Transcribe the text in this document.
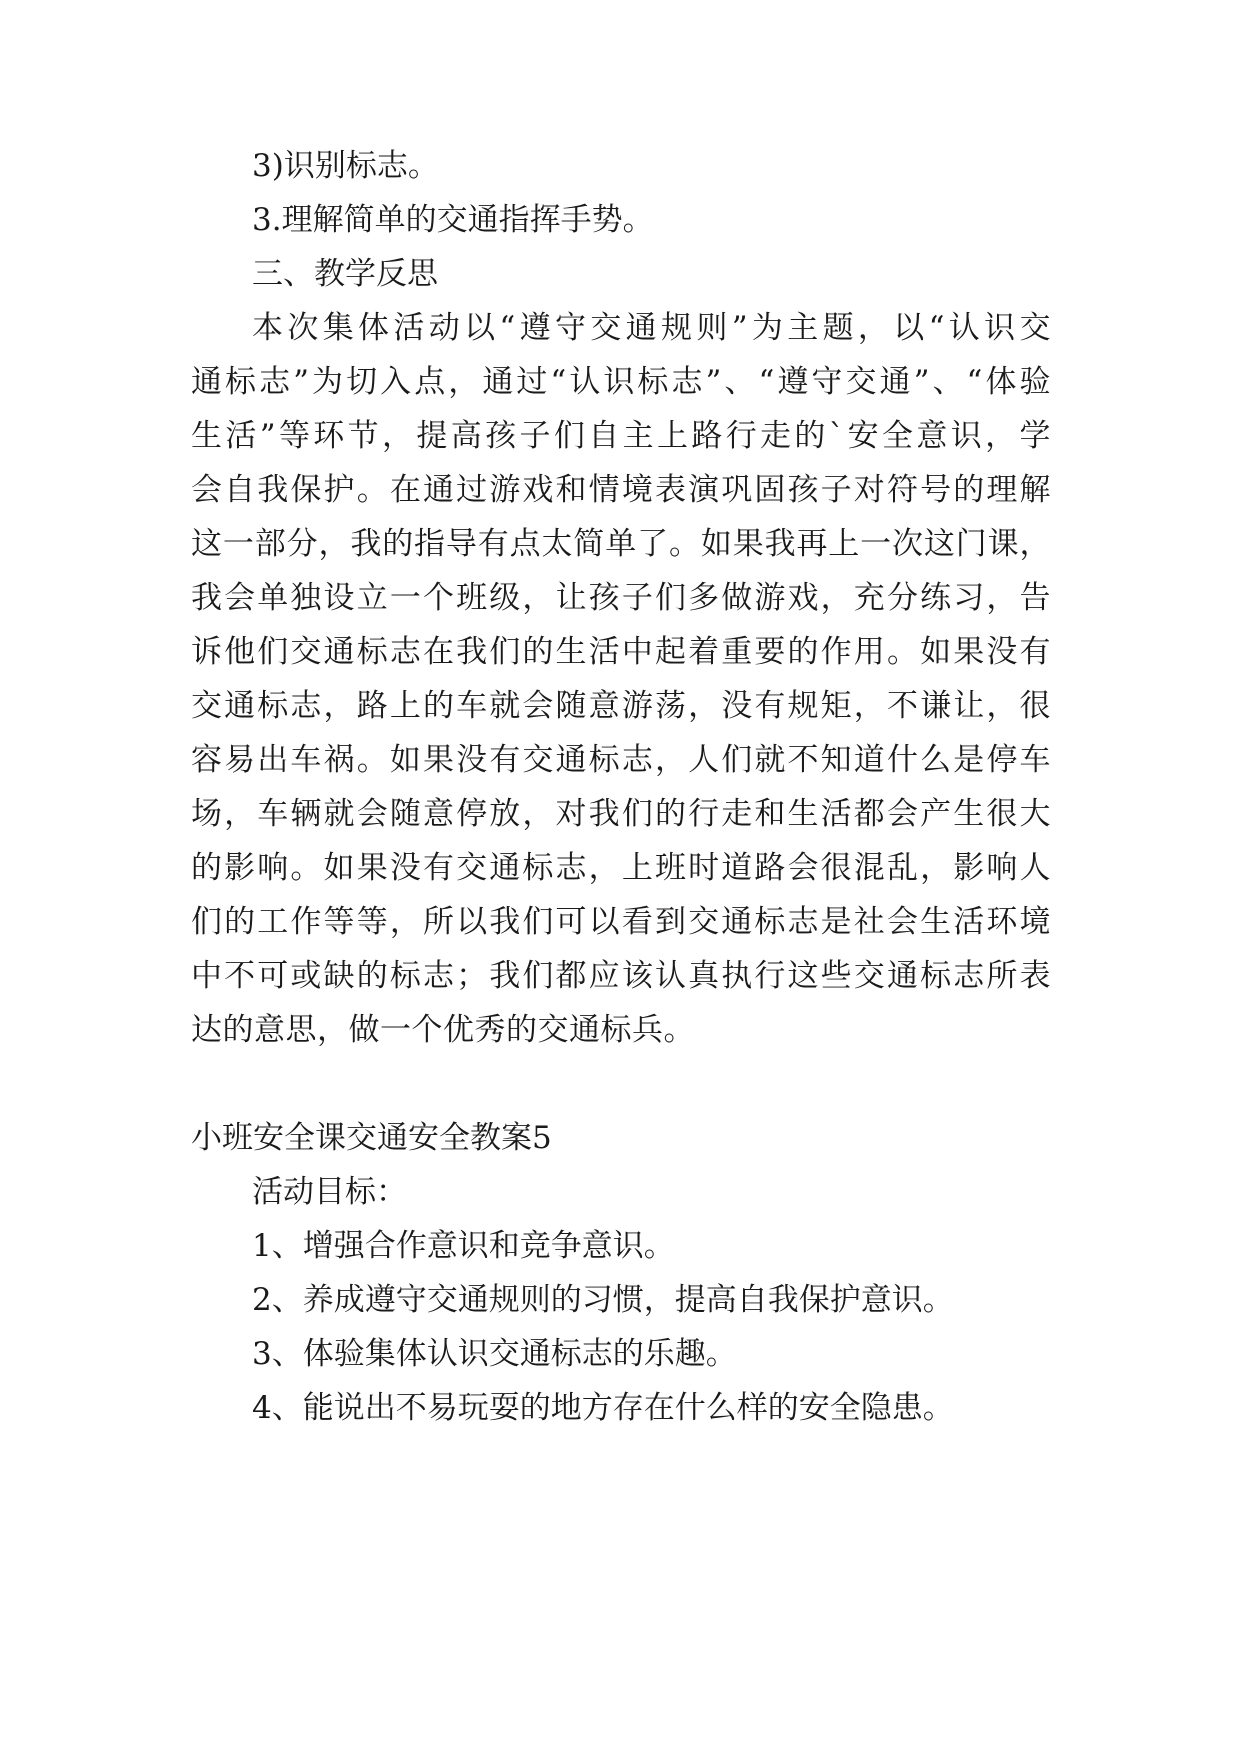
3)识别标志。

3.理解简单的交通指挥手势。

三、教学反思

本次集体活动以“遵守交通规则”为主题，以“认识交

通标志”为切入点，通过“认识标志”、“遵守交通”、“体验

生活”等环节，提高孩子们自主上路行走的`安全意识，学

会自我保护。在通过游戏和情境表演巩固孩子对符号的理解

这一部分，我的指导有点太简单了。如果我再上一次这门课，

我会单独设立一个班级，让孩子们多做游戏，充分练习，告

诉他们交通标志在我们的生活中起着重要的作用。如果没有

交通标志，路上的车就会随意游荡，没有规矩，不谦让，很

容易出车祸。如果没有交通标志，人们就不知道什么是停车

场，车辆就会随意停放，对我们的行走和生活都会产生很大

的影响。如果没有交通标志，上班时道路会很混乱，影响人

们的工作等等，所以我们可以看到交通标志是社会生活环境

中不可或缺的标志；我们都应该认真执行这些交通标志所表

达的意思，做一个优秀的交通标兵。

小班安全课交通安全教案5

活动目标：

1、增强合作意识和竞争意识。

2、养成遵守交通规则的习惯，提高自我保护意识。

3、体验集体认识交通标志的乐趣。

4、能说出不易玩耍的地方存在什么样的安全隐患。
